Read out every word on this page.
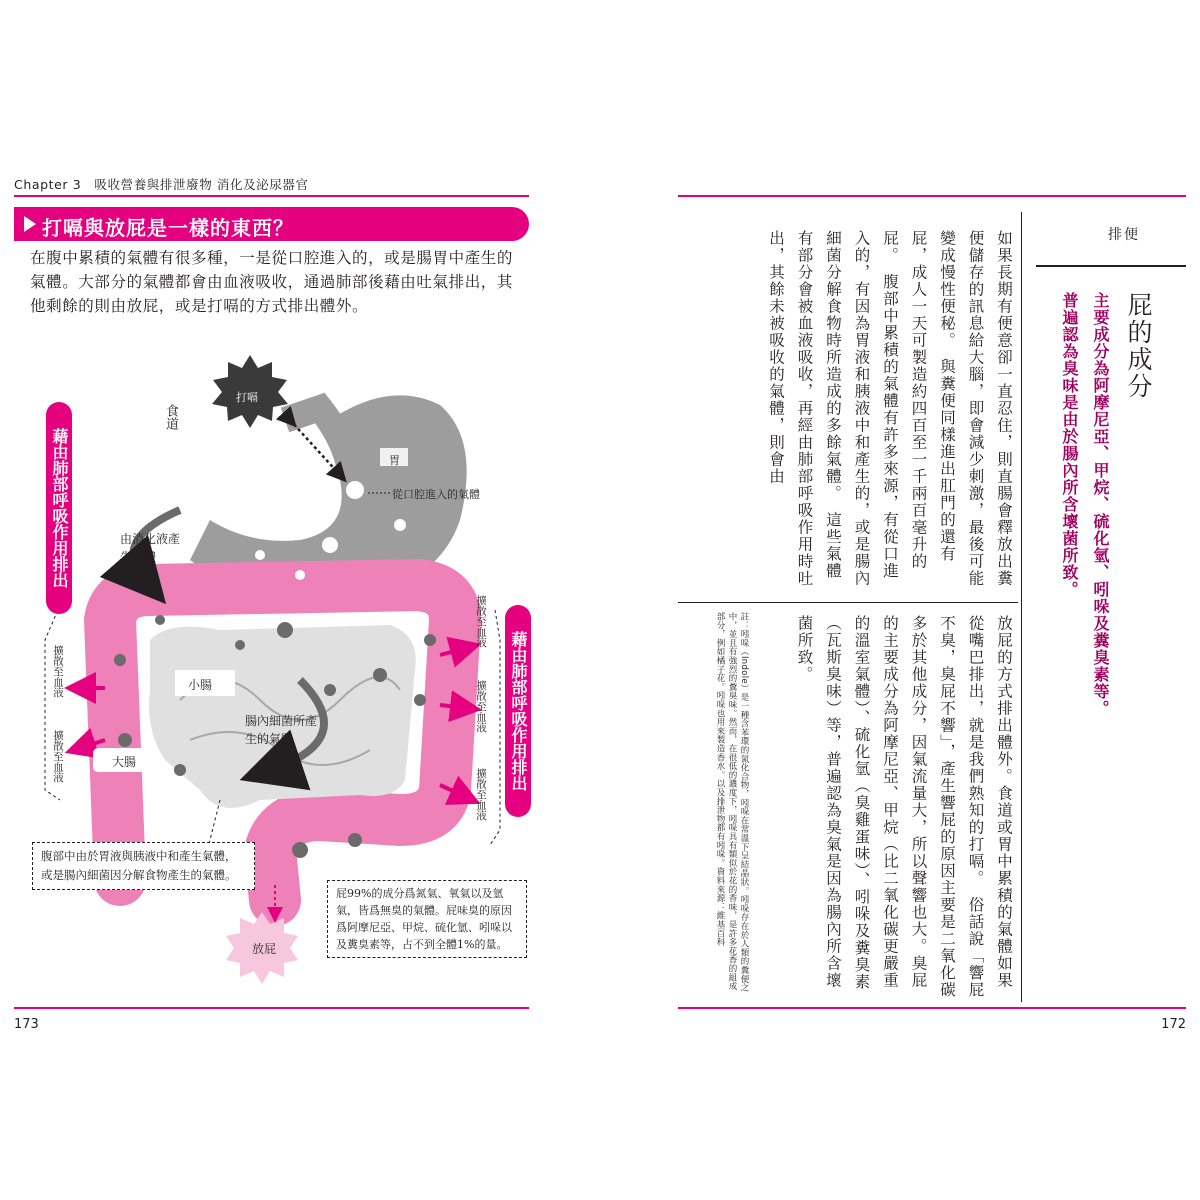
Chapter 3　吸收營養與排泄廢物 消化及泌尿器官
打嗝與放屁是一樣的東西？
在腹中累積的氣體有很多種，一是從口腔進入的，或是腸胃中產生的氣體。大部分的氣體都會由血液吸收，通過肺部後藉由吐氣排出，其他剩餘的則由放屁，或是打嗝的方式排出體外。
打嗝
食道
胃
從口腔進入的氣體
由消化液產生氣體
小腸
腸內細菌所產生的氣體
大腸
藉由肺部呼吸作用排出
藉由肺部呼吸作用排出
擴散至血液
擴散至血液
擴散至血液
擴散至血液
擴散至血液
腹部中由於胃液與胰液中和產生氣體，或是腸內細菌因分解食物產生的氣體。
放屁
屁99%的成分爲氮氣、氧氣以及氫氣，皆爲無臭的氣體。屁味臭的原因爲阿摩尼亞、甲烷、硫化氫、吲哚以及糞臭素等，占不到全體1%的量。
173
如果長期有便意卻一直忍住，則直腸會釋放出糞便儲存的訊息給大腦，即會減少刺激，最後可能變成慢性便秘。　與糞便同樣進出肛門的還有屁，成人一天可製造約四百至一千兩百毫升的屁。　腹部中累積的氣體有許多來源，有從口進入的，有因為胃液和胰液中和產生的，或是腸內細菌分解食物時所造成的多餘氣體。　這些氣體有部分會被血液吸收，再經由肺部呼吸作用時吐出，其餘未被吸收的氣體，則會由
放屁的方式排出體外。食道或胃中累積的氣體如果從嘴巴排出，就是我們熟知的打嗝。　俗話說「響屁不臭，臭屁不響」，產生響屁的原因主要是二氧化碳多於其他成分，因氣流量大，所以聲響也大。臭屁的主要成分為阿摩尼亞、甲烷（比二氧化碳更嚴重的溫室氣體）、硫化氫（臭雞蛋味）、吲哚及糞臭素（瓦斯臭味）等，普遍認為臭氣是因為腸內所含壞菌所致。
註：吲哚（Indole）是一種含苯環的氮化合物，吲哚在常溫下呈結晶狀。吲哚存在於人類的糞便之中，並且有強烈的糞臭味。然而，在很低的濃度下，吲哚具有類似於花的香味，是許多花香的組成部分，例如橘子花。吲哚也用來製造香水。以及排泄物都有吲哚。資料來源：維基百科
排便
屁的成分
主要成分為阿摩尼亞、甲烷、硫化氫、吲哚及糞臭素等。
普遍認為臭味是由於腸內所含壞菌所致。
172
